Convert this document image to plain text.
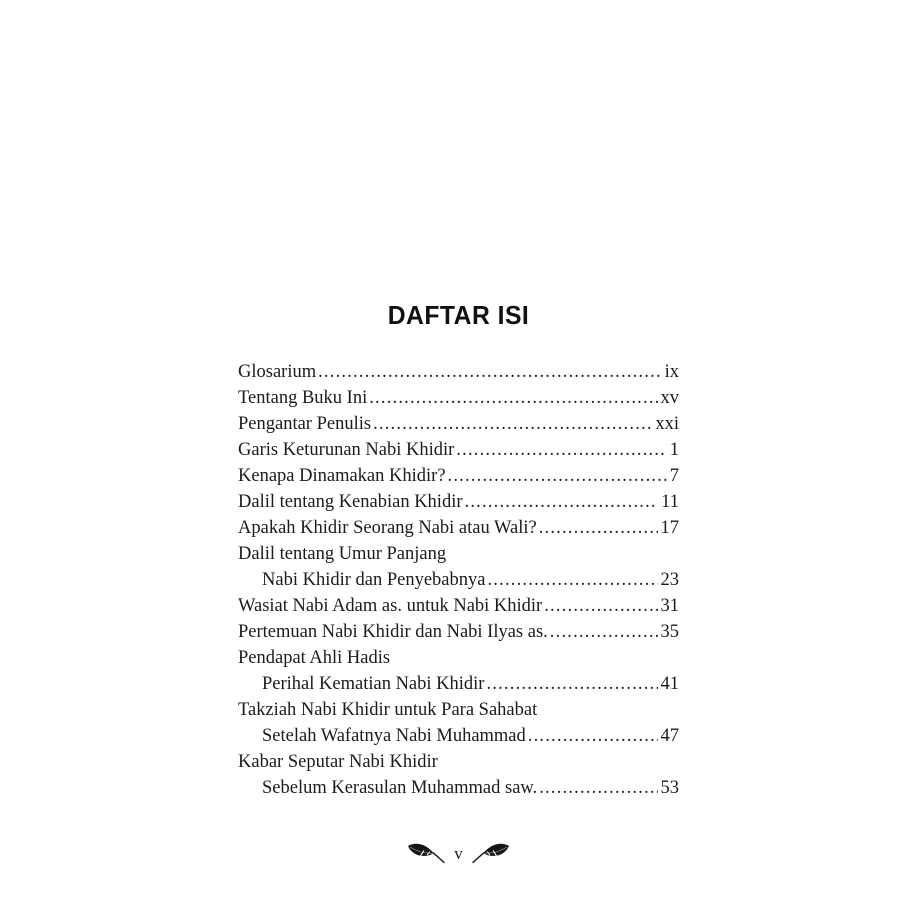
DAFTAR ISI
Glosarium .....	ix
Tentang Buku Ini .....	xv
Pengantar Penulis .....	xxi
Garis Keturunan Nabi Khidir .....	1
Kenapa Dinamakan Khidir? .....	7
Dalil tentang Kenabian Khidir .....	11
Apakah Khidir Seorang Nabi atau Wali? .....	17
Dalil tentang Umur Panjang
Nabi Khidir dan Penyebabnya .....	23
Wasiat Nabi Adam as. untuk Nabi Khidir .....	31
Pertemuan Nabi Khidir dan Nabi Ilyas as. .....	35
Pendapat Ahli Hadis
Perihal Kematian Nabi Khidir .....	41
Takziah Nabi Khidir untuk Para Sahabat
Setelah Wafatnya Nabi Muhammad .....	47
Kabar Seputar Nabi Khidir
Sebelum Kerasulan Muhammad saw. .....	53
v
